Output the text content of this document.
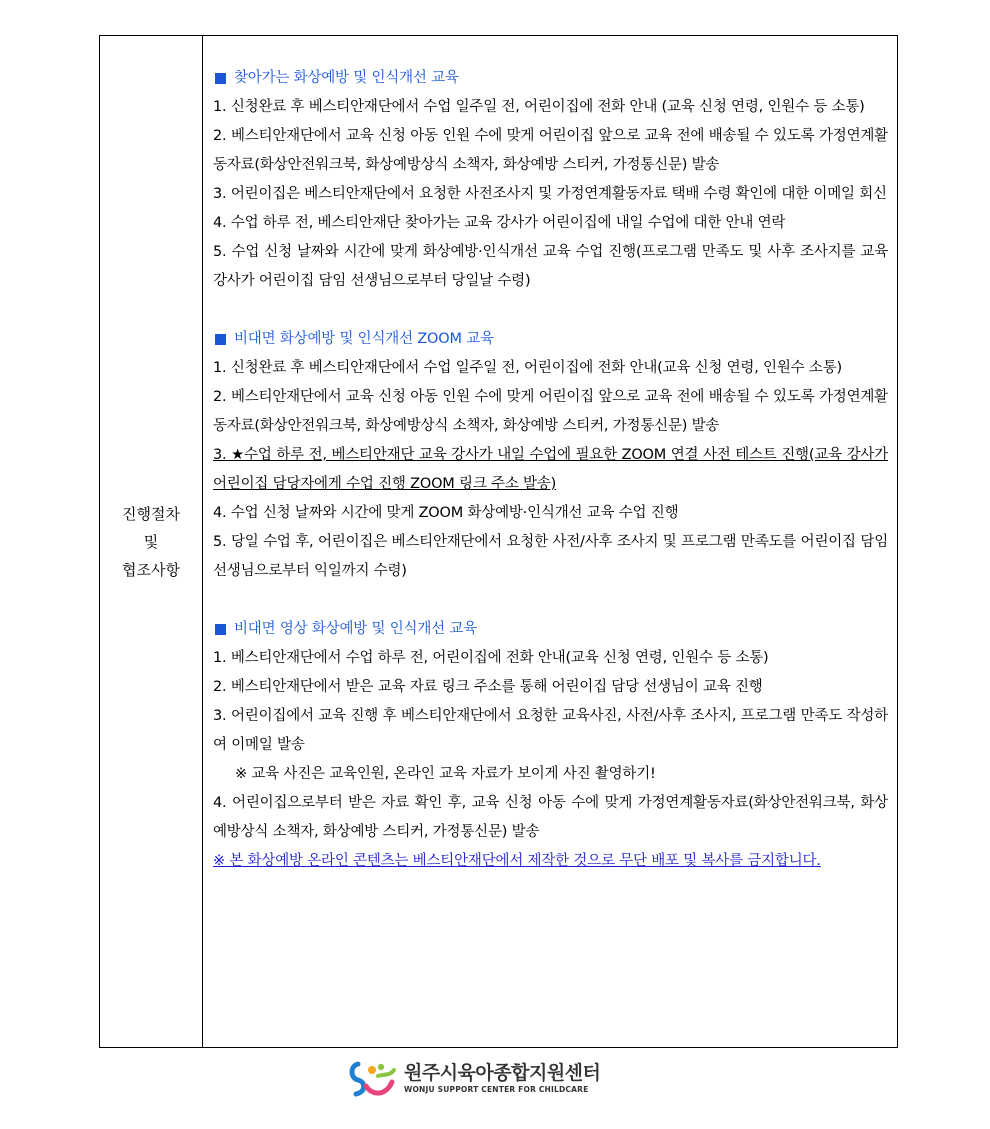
진행절차
및
협조사항
찾아가는 화상예방 및 인식개선 교육
1. 신청완료 후 베스티안재단에서 수업 일주일 전, 어린이집에 전화 안내 (교육 신청 연령, 인원수 등 소통)
2. 베스티안재단에서 교육 신청 아동 인원 수에 맞게 어린이집 앞으로 교육 전에 배송될 수 있도록 가정연계활동자료(화상안전워크북, 화상예방상식 소책자, 화상예방 스티커, 가정통신문) 발송
3. 어린이집은 베스티안재단에서 요청한 사전조사지 및 가정연계활동자료 택배 수령 확인에 대한 이메일 회신
4. 수업 하루 전, 베스티안재단 찾아가는 교육 강사가 어린이집에 내일 수업에 대한 안내 연락
5. 수업 신청 날짜와 시간에 맞게 화상예방·인식개선 교육 수업 진행(프로그램 만족도 및 사후 조사지를 교육 강사가 어린이집 담임 선생님으로부터 당일날 수령)
비대면 화상예방 및 인식개선 ZOOM 교육
1. 신청완료 후 베스티안재단에서 수업 일주일 전, 어린이집에 전화 안내(교육 신청 연령, 인원수 소통)
2. 베스티안재단에서 교육 신청 아동 인원 수에 맞게 어린이집 앞으로 교육 전에 배송될 수 있도록 가정연계활동자료(화상안전워크북, 화상예방상식 소책자, 화상예방 스티커, 가정통신문) 발송
3. ★수업 하루 전, 베스티안재단 교육 강사가 내일 수업에 필요한 ZOOM 연결 사전 테스트 진행(교육 강사가 어린이집 담당자에게 수업 진행 ZOOM 링크 주소 발송)
4. 수업 신청 날짜와 시간에 맞게 ZOOM 화상예방·인식개선 교육 수업 진행
5. 당일 수업 후, 어린이집은 베스티안재단에서 요청한 사전/사후 조사지 및 프로그램 만족도를 어린이집 담임 선생님으로부터 익일까지 수령)
비대면 영상 화상예방 및 인식개선 교육
1. 베스티안재단에서 수업 하루 전, 어린이집에 전화 안내(교육 신청 연령, 인원수 등 소통)
2. 베스티안재단에서 받은 교육 자료 링크 주소를 통해 어린이집 담당 선생님이 교육 진행
3. 어린이집에서 교육 진행 후 베스티안재단에서 요청한 교육사진, 사전/사후 조사지, 프로그램 만족도 작성하여 이메일 발송
※ 교육 사진은 교육인원, 온라인 교육 자료가 보이게 사진 촬영하기!
4. 어린이집으로부터 받은 자료 확인 후, 교육 신청 아동 수에 맞게 가정연계활동자료(화상안전워크북, 화상 예방상식 소책자, 화상예방 스티커, 가정통신문) 발송
※ 본 화상예방 온라인 콘텐츠는 베스티안재단에서 제작한 것으로 무단 배포 및 복사를 금지합니다.
원주시육아종합지원센터
WONJU SUPPORT CENTER FOR CHILDCARE
